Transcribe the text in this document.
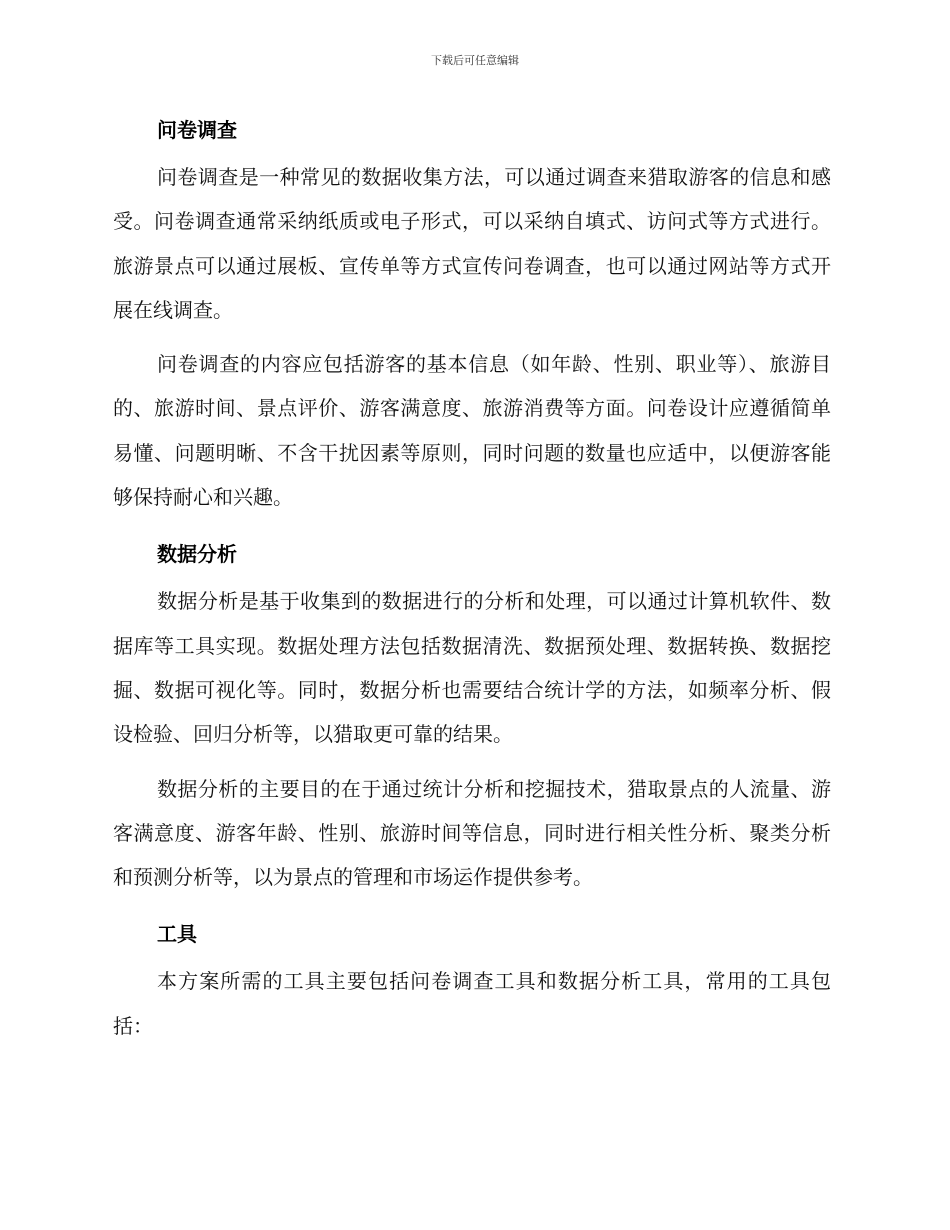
下载后可任意编辑
问卷调查

问卷调查是一种常见的数据收集方法，可以通过调查来猎取游客的信息和感受。问卷调查通常采纳纸质或电子形式，可以采纳自填式、访问式等方式进行。旅游景点可以通过展板、宣传单等方式宣传问卷调查，也可以通过网站等方式开展在线调查。

问卷调查的内容应包括游客的基本信息（如年龄、性别、职业等）、旅游目的、旅游时间、景点评价、游客满意度、旅游消费等方面。问卷设计应遵循简单易懂、问题明晰、不含干扰因素等原则，同时问题的数量也应适中，以便游客能够保持耐心和兴趣。

数据分析

数据分析是基于收集到的数据进行的分析和处理，可以通过计算机软件、数据库等工具实现。数据处理方法包括数据清洗、数据预处理、数据转换、数据挖掘、数据可视化等。同时，数据分析也需要结合统计学的方法，如频率分析、假设检验、回归分析等，以猎取更可靠的结果。

数据分析的主要目的在于通过统计分析和挖掘技术，猎取景点的人流量、游客满意度、游客年龄、性别、旅游时间等信息，同时进行相关性分析、聚类分析和预测分析等，以为景点的管理和市场运作提供参考。

工具

本方案所需的工具主要包括问卷调查工具和数据分析工具，常用的工具包括：
